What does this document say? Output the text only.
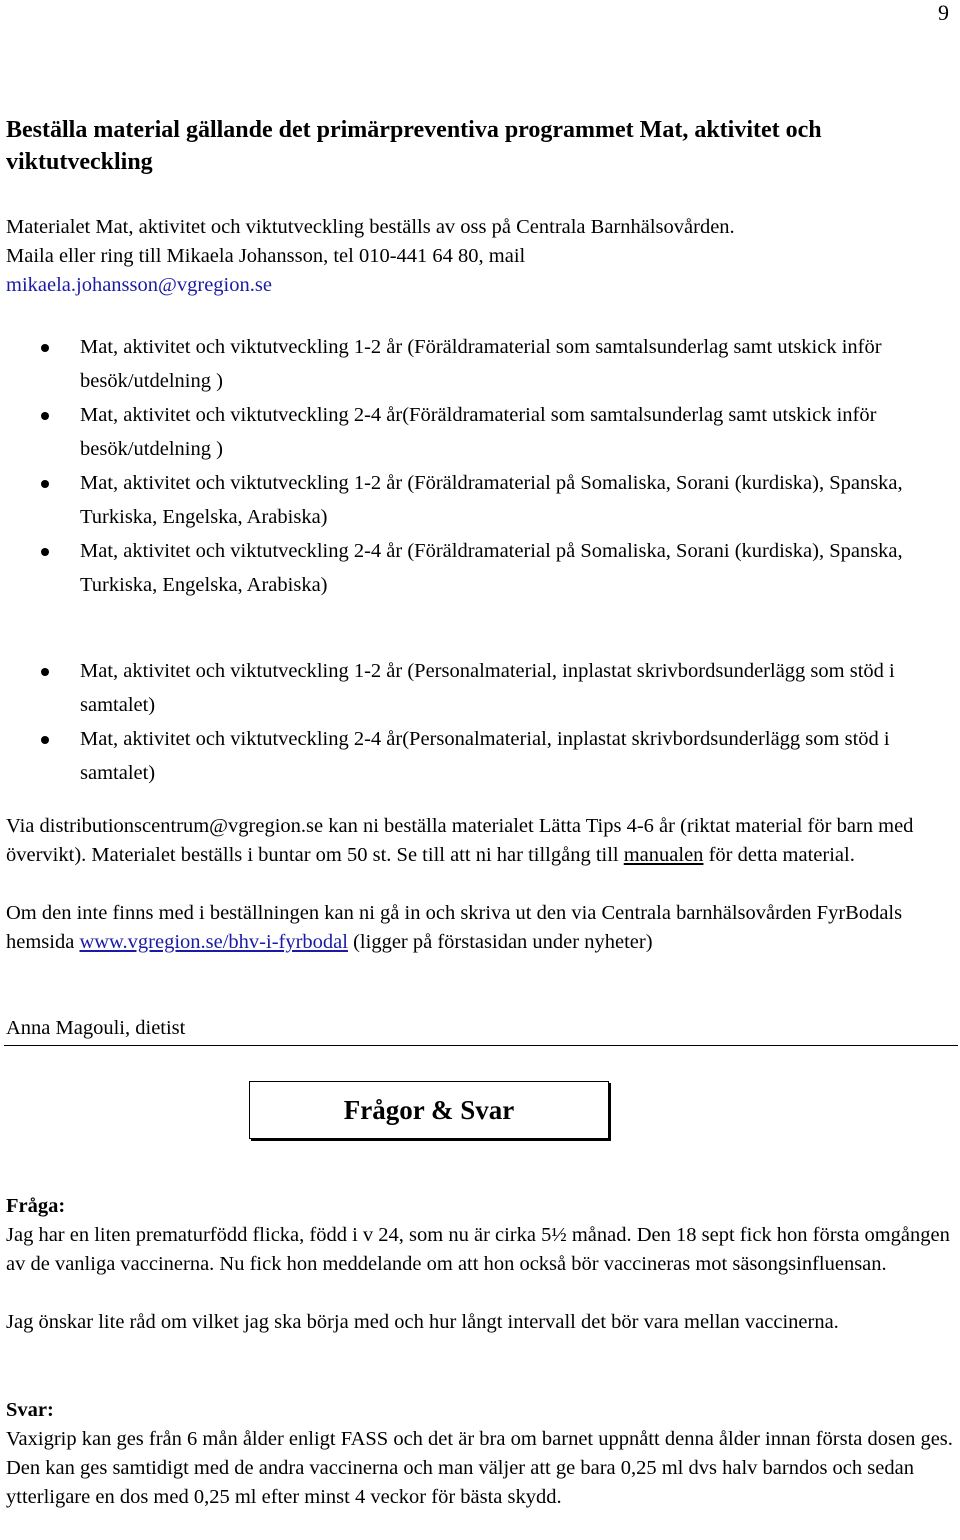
9
Beställa material gällande det primärpreventiva programmet Mat, aktivitet och viktutveckling
Materialet Mat, aktivitet och viktutveckling beställs av oss på Centrala Barnhälsovården.
Maila eller ring till Mikaela Johansson, tel 010-441 64 80, mail
mikaela.johansson@vgregion.se
Mat, aktivitet och viktutveckling 1-2 år (Föräldramaterial som samtalsunderlag samt utskick inför besök/utdelning )
Mat, aktivitet och viktutveckling 2-4 år(Föräldramaterial som samtalsunderlag samt utskick inför besök/utdelning )
Mat, aktivitet och viktutveckling 1-2 år (Föräldramaterial på Somaliska, Sorani (kurdiska), Spanska, Turkiska, Engelska, Arabiska)
Mat, aktivitet och viktutveckling 2-4 år (Föräldramaterial på Somaliska, Sorani (kurdiska), Spanska, Turkiska, Engelska, Arabiska)
Mat, aktivitet och viktutveckling 1-2 år (Personalmaterial, inplastat skrivbordsunderlägg som stöd i samtalet)
Mat, aktivitet och viktutveckling 2-4 år(Personalmaterial, inplastat skrivbordsunderlägg som stöd i samtalet)

Via distributionscentrum@vgregion.se kan ni beställa materialet Lätta Tips 4-6 år (riktat material för barn med övervikt). Materialet beställs i buntar om 50 st. Se till att ni har tillgång till manualen för detta material.

Om den inte finns med i beställningen kan ni gå in och skriva ut den via Centrala barnhälsovården FyrBodals hemsida www.vgregion.se/bhv-i-fyrbodal (ligger på förstasidan under nyheter)

Anna Magouli, dietist

Frågor & Svar

Fråga:

Jag har en liten prematurfödd flicka, född i v 24, som nu är cirka 5½ månad. Den 18 sept fick hon första omgången av de vanliga vaccinerna. Nu fick hon meddelande om att hon också bör vaccineras mot säsongsinfluensan.

Jag önskar lite råd om vilket jag ska börja med och hur långt intervall det bör vara mellan vaccinerna.

Svar:

Vaxigrip kan ges från 6 mån ålder enligt FASS och det är bra om barnet uppnått denna ålder innan första dosen ges. Den kan ges samtidigt med de andra vaccinerna och man väljer att ge bara 0,25 ml dvs halv barndos och sedan ytterligare en dos med 0,25 ml efter minst 4 veckor för bästa skydd.
